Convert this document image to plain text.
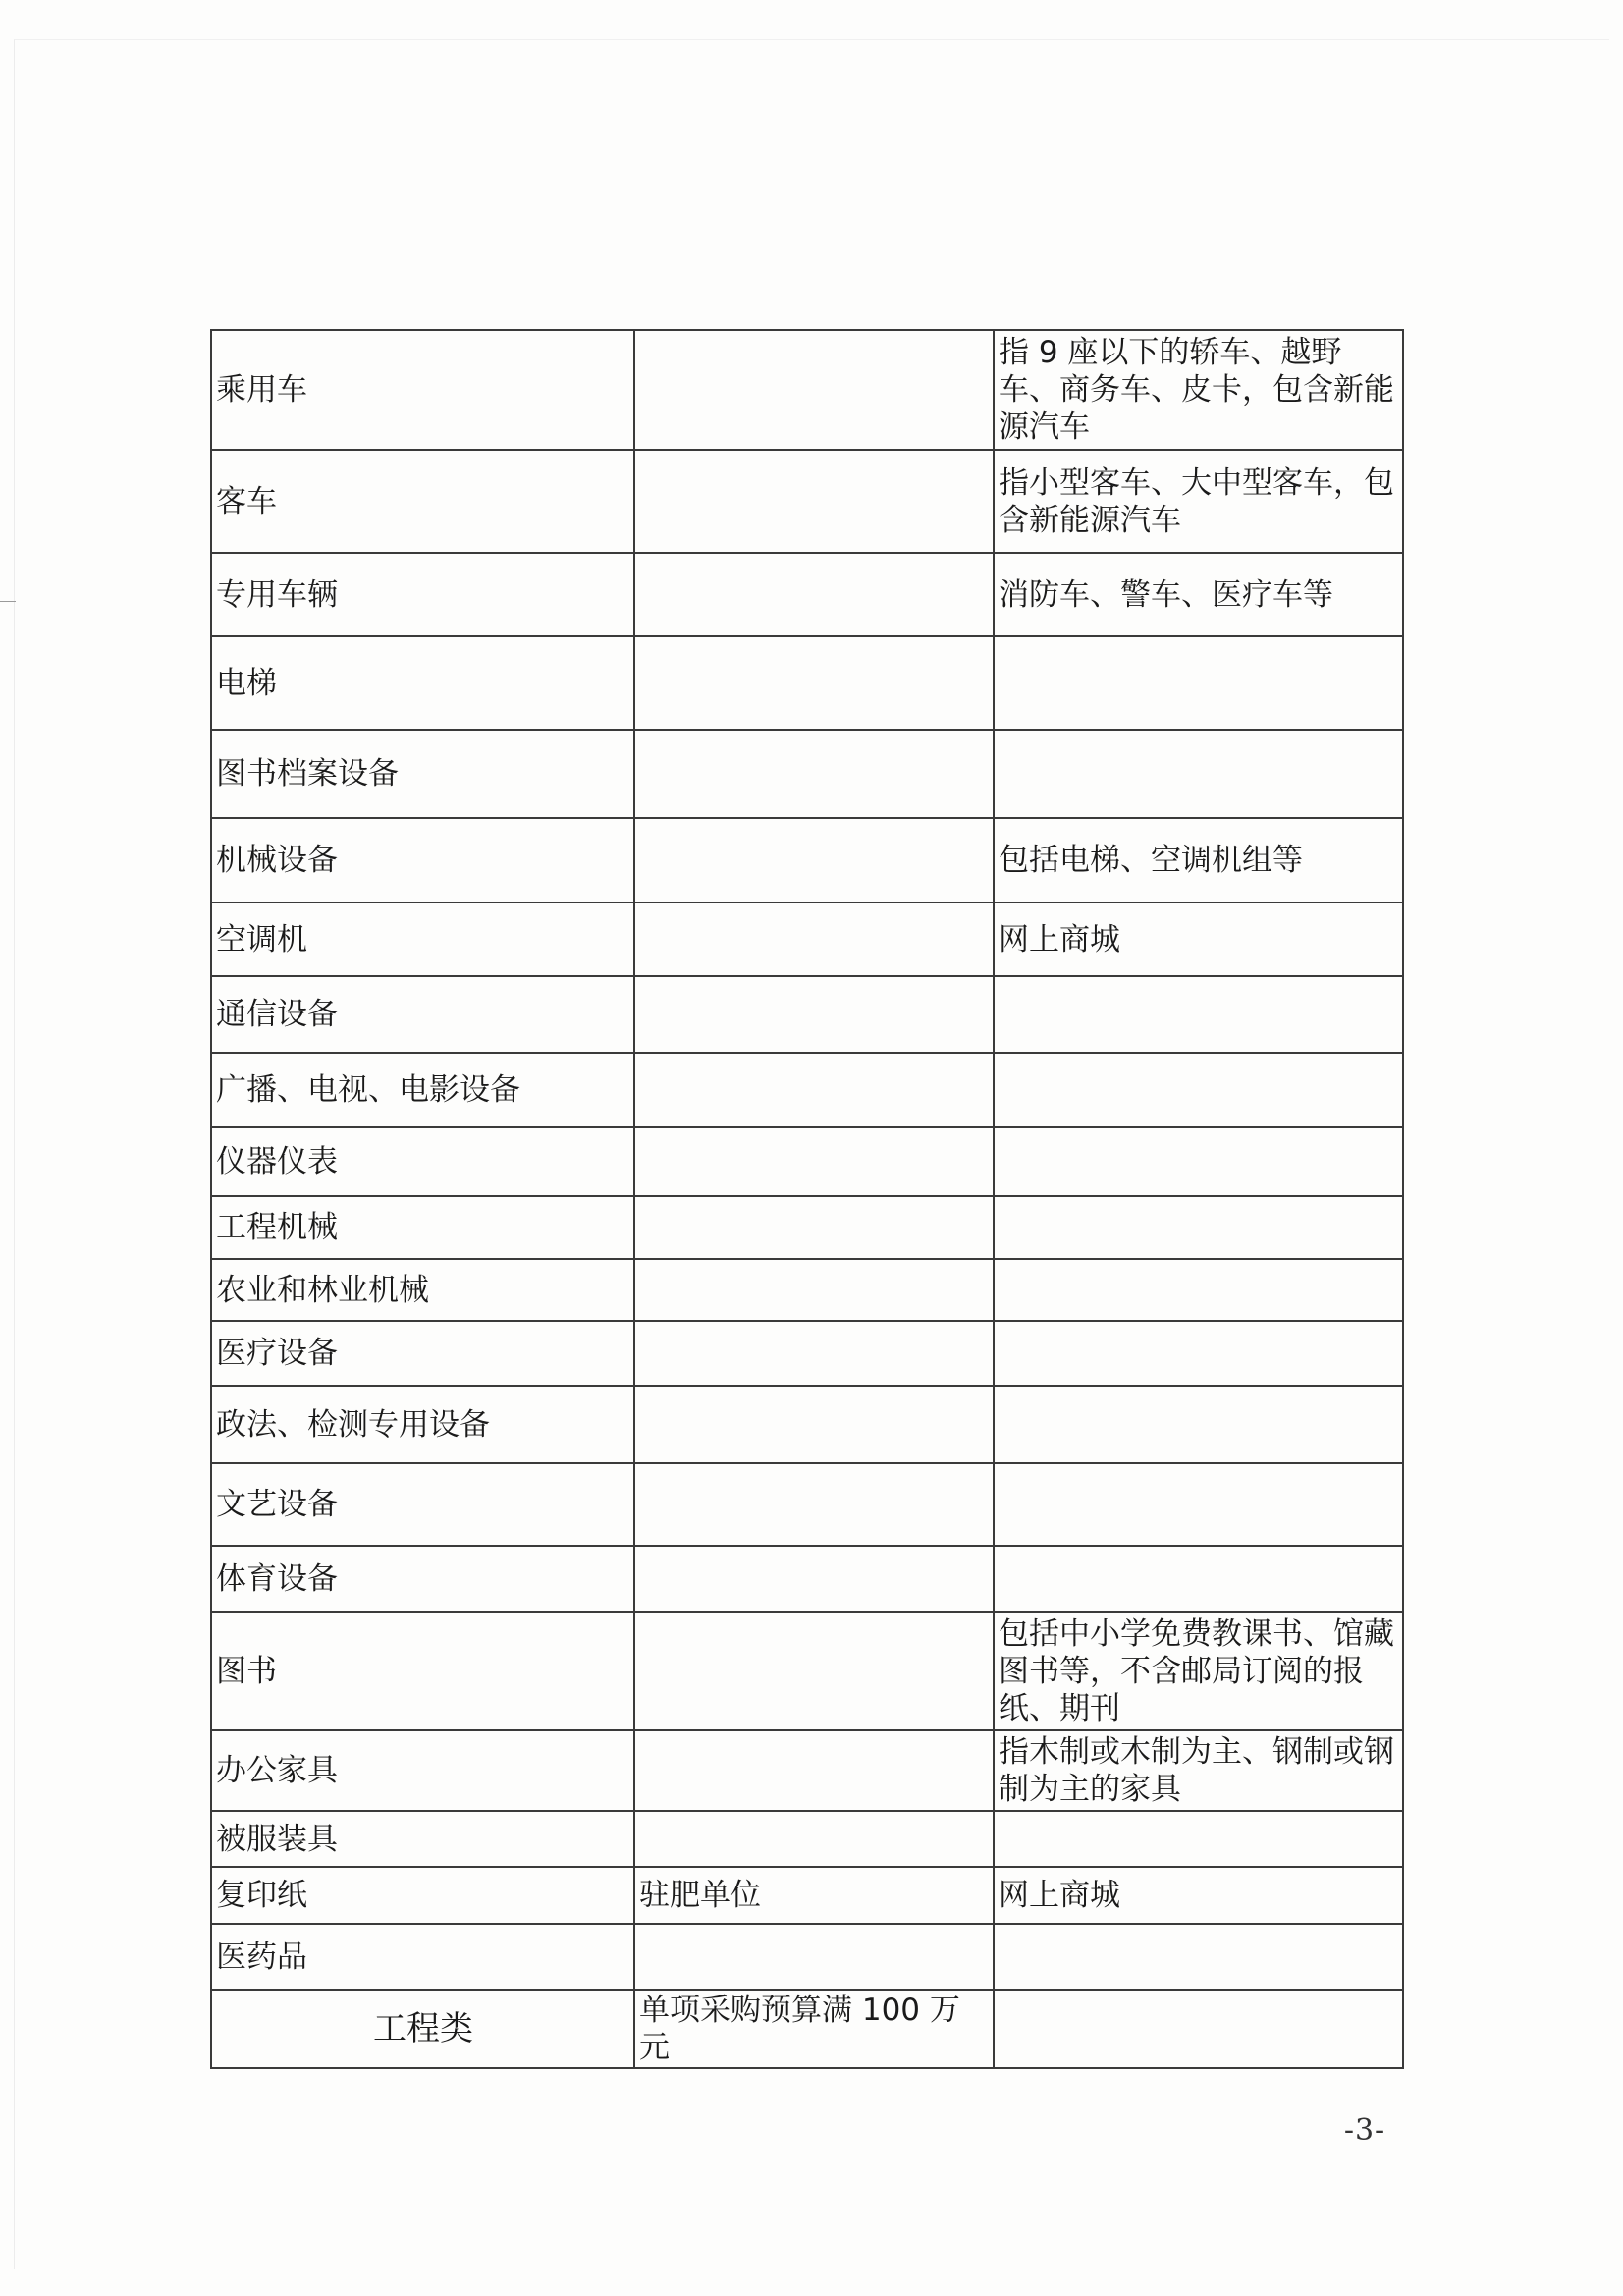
乘用车		指 9 座以下的轿车、越野车、商务车、皮卡，包含新能源汽车
客车		指小型客车、大中型客车，包含新能源汽车
专用车辆		消防车、警车、医疗车等
电梯		
图书档案设备		
机械设备		包括电梯、空调机组等
空调机		网上商城
通信设备		
广播、电视、电影设备		
仪器仪表		
工程机械		
农业和林业机械		
医疗设备		
政法、检测专用设备		
文艺设备		
体育设备		
图书		包括中小学免费教课书、馆藏图书等，不含邮局订阅的报纸、期刊
办公家具		指木制或木制为主、钢制或钢制为主的家具
被服装具		
复印纸	驻肥单位	网上商城
医药品		
工程类	单项采购预算满 100 万元	
-3-
